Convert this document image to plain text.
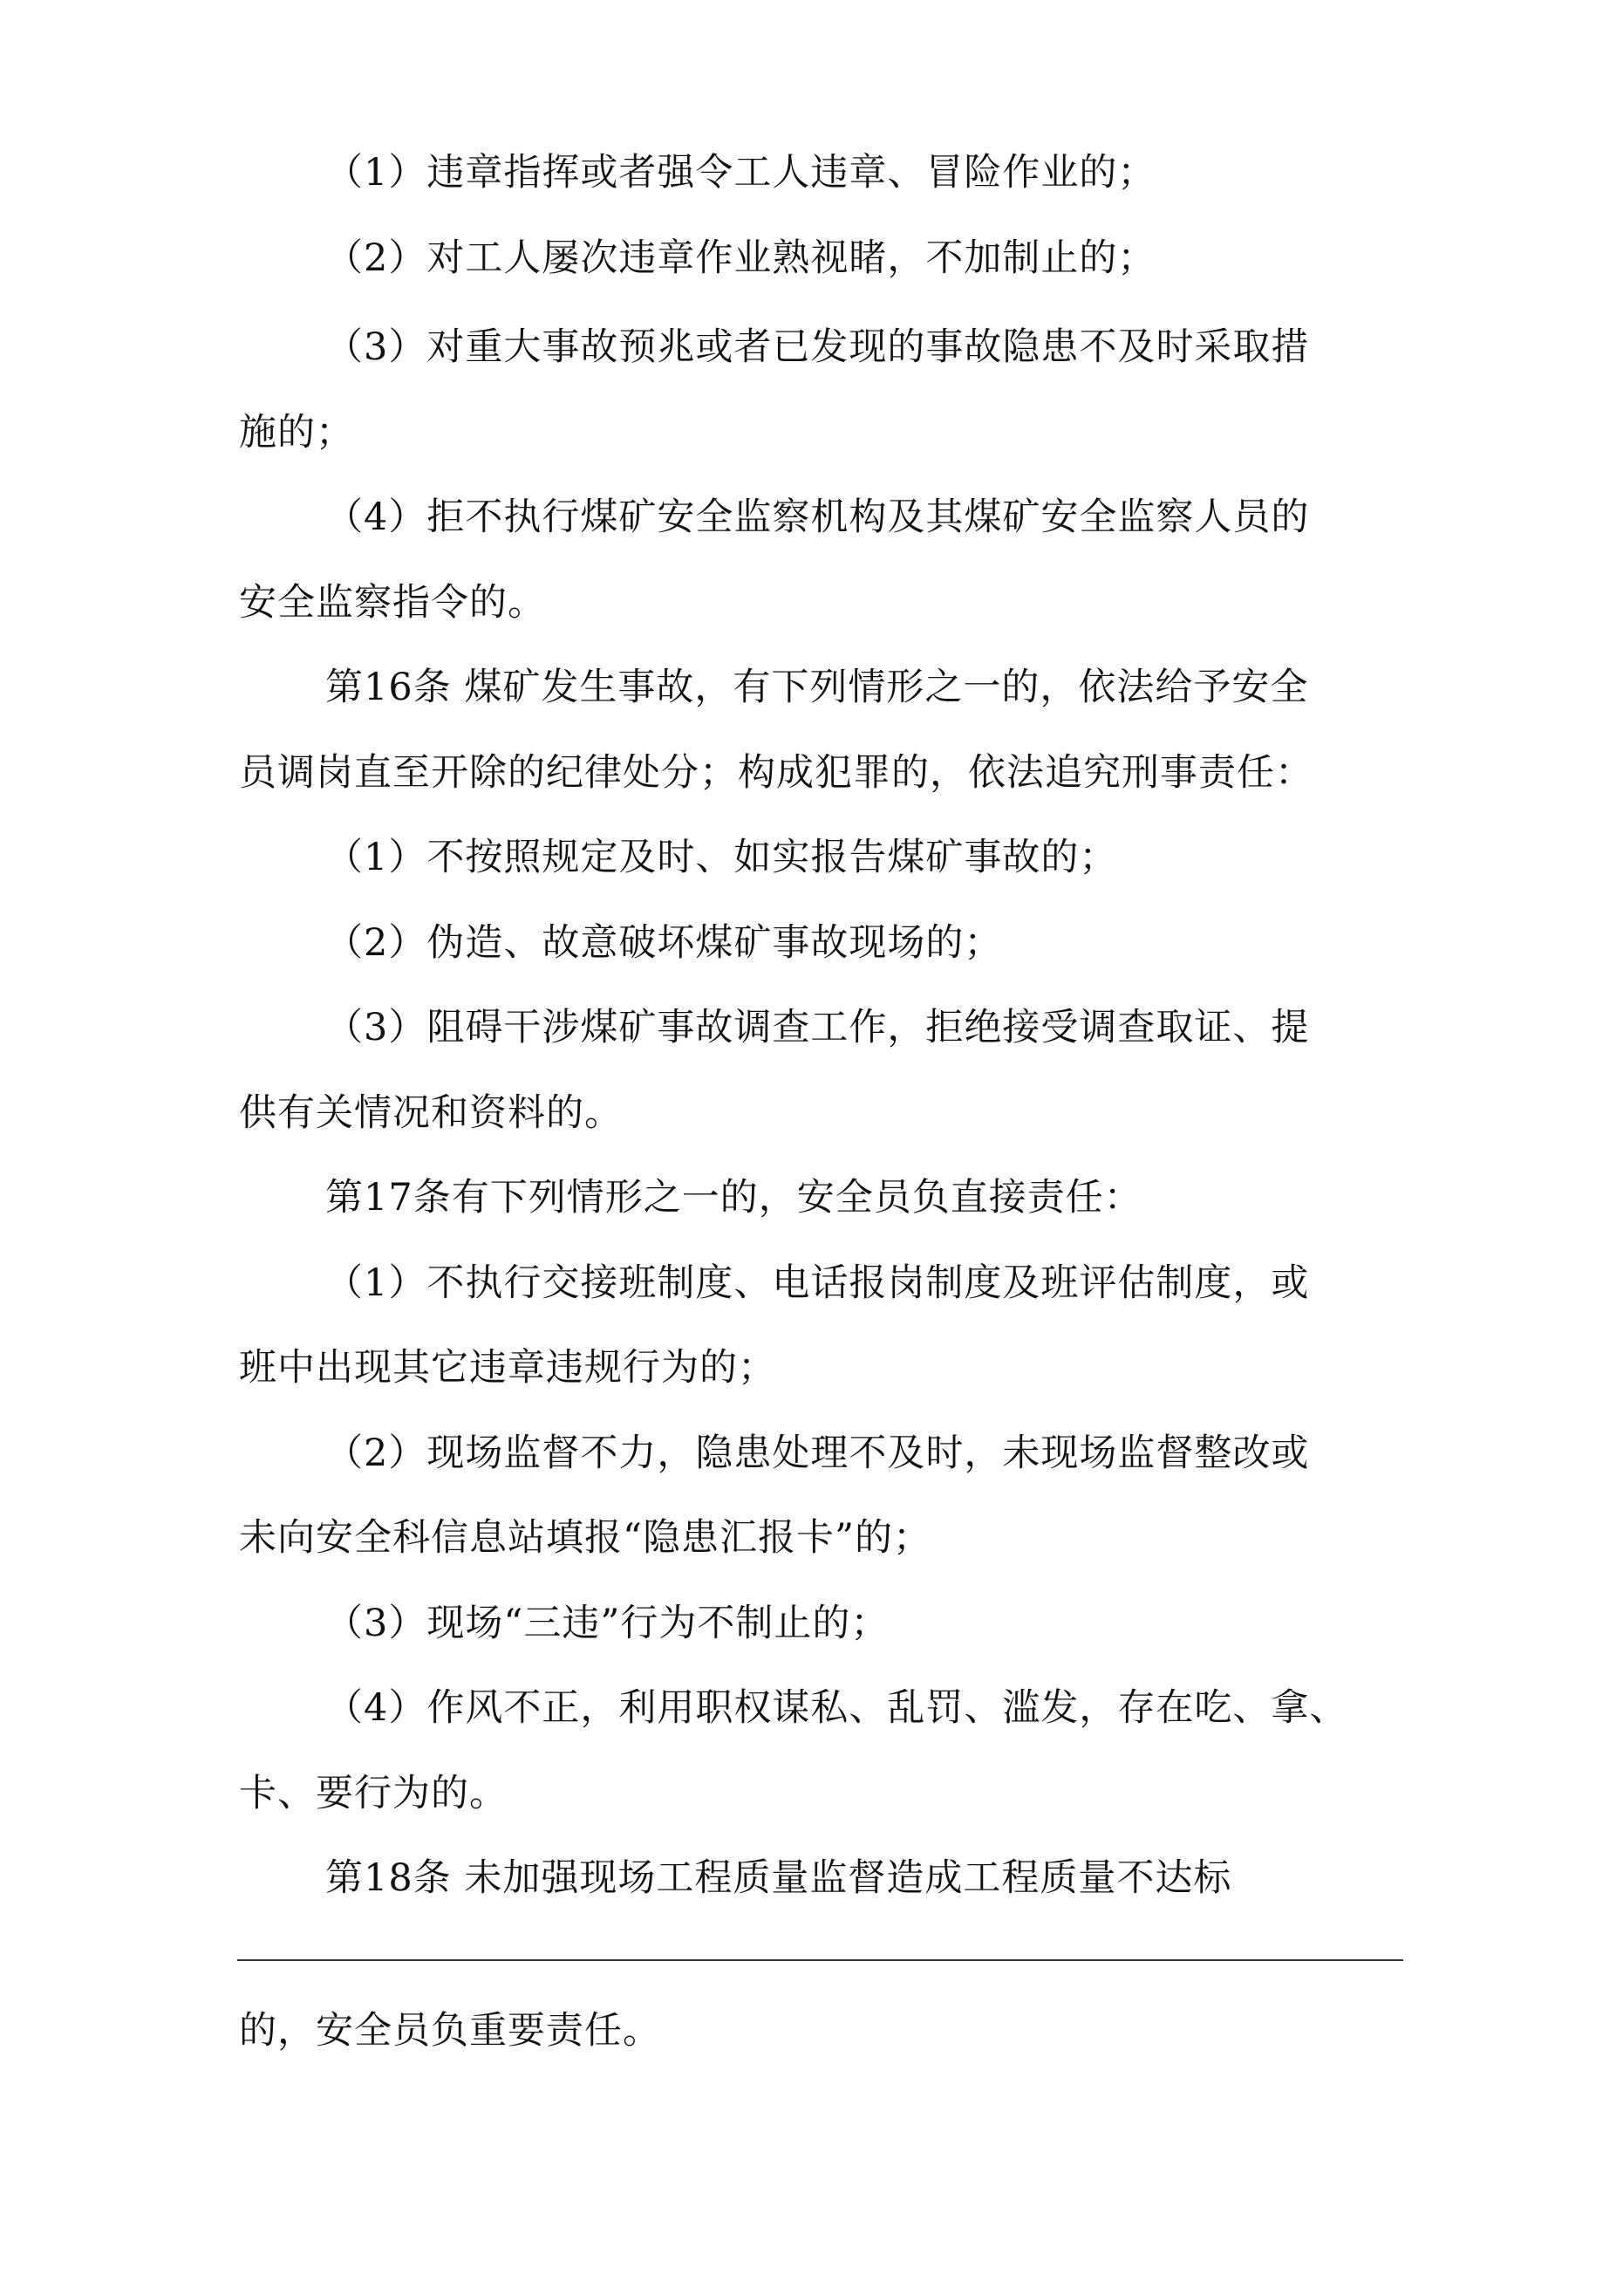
（1）违章指挥或者强令工人违章、冒险作业的；
（2）对工人屡次违章作业熟视睹，不加制止的；
（3）对重大事故预兆或者已发现的事故隐患不及时采取措
施的；
（4）拒不执行煤矿安全监察机构及其煤矿安全监察人员的
安全监察指令的。
第16条 煤矿发生事故，有下列情形之一的，依法给予安全
员调岗直至开除的纪律处分；构成犯罪的，依法追究刑事责任：
（1）不按照规定及时、如实报告煤矿事故的；
（2）伪造、故意破坏煤矿事故现场的；
（3）阻碍干涉煤矿事故调查工作，拒绝接受调查取证、提
供有关情况和资料的。
第17条有下列情形之一的，安全员负直接责任：
（1）不执行交接班制度、电话报岗制度及班评估制度，或
班中出现其它违章违规行为的；
（2）现场监督不力，隐患处理不及时，未现场监督整改或
未向安全科信息站填报“隐患汇报卡”的；
（3）现场“三违”行为不制止的；
（4）作风不正，利用职权谋私、乱罚、滥发，存在吃、拿、
卡、要行为的。
第18条 未加强现场工程质量监督造成工程质量不达标
的，安全员负重要责任。
